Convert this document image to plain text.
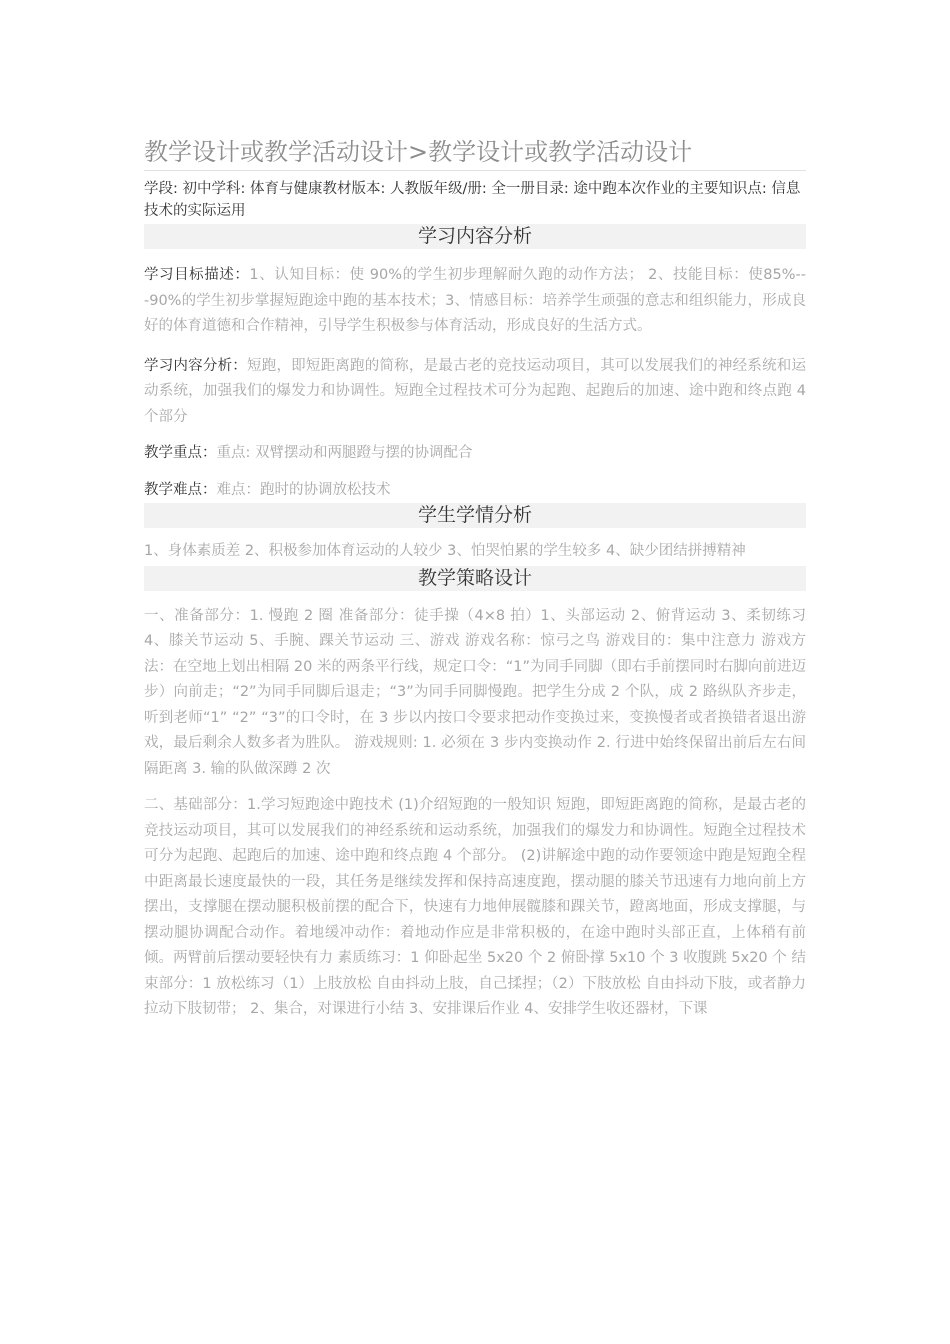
教学设计或教学活动设计>教学设计或教学活动设计
学段: 初中学科: 体育与健康教材版本: 人教版年级/册: 全一册目录: 途中跑本次作业的主要知识点: 信息技术的实际运用
学习内容分析

学习目标描述：1、认知目标：使 90%的学生初步理解耐久跑的动作方法； 2、技能目标：使85%---90%的学生初步掌握短跑途中跑的基本技术；3、情感目标：培养学生顽强的意志和组织能力，形成良好的体育道德和合作精神，引导学生积极参与体育活动，形成良好的生活方式。

学习内容分析：短跑，即短距离跑的简称，是最古老的竞技运动项目，其可以发展我们的神经系统和运动系统，加强我们的爆发力和协调性。短跑全过程技术可分为起跑、起跑后的加速、途中跑和终点跑 4 个部分

教学重点：重点: 双臂摆动和两腿蹬与摆的协调配合

教学难点：难点：跑时的协调放松技术

学生学情分析

1、身体素质差 2、积极参加体育运动的人较少 3、怕哭怕累的学生较多 4、缺少团结拼搏精神

教学策略设计

一、准备部分：1. 慢跑 2 圈 准备部分：徒手操（4×8 拍）1、头部运动 2、俯背运动 3、柔韧练习 4、膝关节运动 5、手腕、踝关节运动 三、游戏 游戏名称：惊弓之鸟 游戏目的：集中注意力 游戏方法：在空地上划出相隔 20 米的两条平行线，规定口令：“1”为同手同脚（即右手前摆同时右脚向前进迈步）向前走；“2”为同手同脚后退走；“3”为同手同脚慢跑。把学生分成 2 个队，成 2 路纵队齐步走，听到老师“1” “2” “3”的口令时，在 3 步以内按口令要求把动作变换过来，变换慢者或者换错者退出游戏，最后剩余人数多者为胜队。 游戏规则: 1. 必须在 3 步内变换动作 2. 行进中始终保留出前后左右间 隔距离 3. 输的队做深蹲 2 次

二、基础部分：1.学习短跑途中跑技术 (1)介绍短跑的一般知识 短跑，即短距离跑的简称，是最古老的竞技运动项目，其可以发展我们的神经系统和运动系统，加强我们的爆发力和协调性。短跑全过程技术可分为起跑、起跑后的加速、途中跑和终点跑 4 个部分。 (2)讲解途中跑的动作要领途中跑是短跑全程中距离最长速度最快的一段，其任务是继续发挥和保持高速度跑，摆动腿的膝关节迅速有力地向前上方摆出，支撑腿在摆动腿积极前摆的配合下，快速有力地伸展髋膝和踝关节，蹬离地面，形成支撑腿，与摆动腿协调配合动作。着地缓冲动作：着地动作应是非常积极的，在途中跑时头部正直，上体稍有前倾。两臂前后摆动要轻快有力 素质练习：1 仰卧起坐 5x20 个 2 俯卧撑 5x10 个 3 收腹跳 5x20 个 结束部分：1 放松练习（1）上肢放松 自由抖动上肢，自己揉捏；（2）下肢放松 自由抖动下肢，或者静力拉动下肢韧带； 2、集合，对课进行小结 3、安排课后作业 4、安排学生收还器材，下课
